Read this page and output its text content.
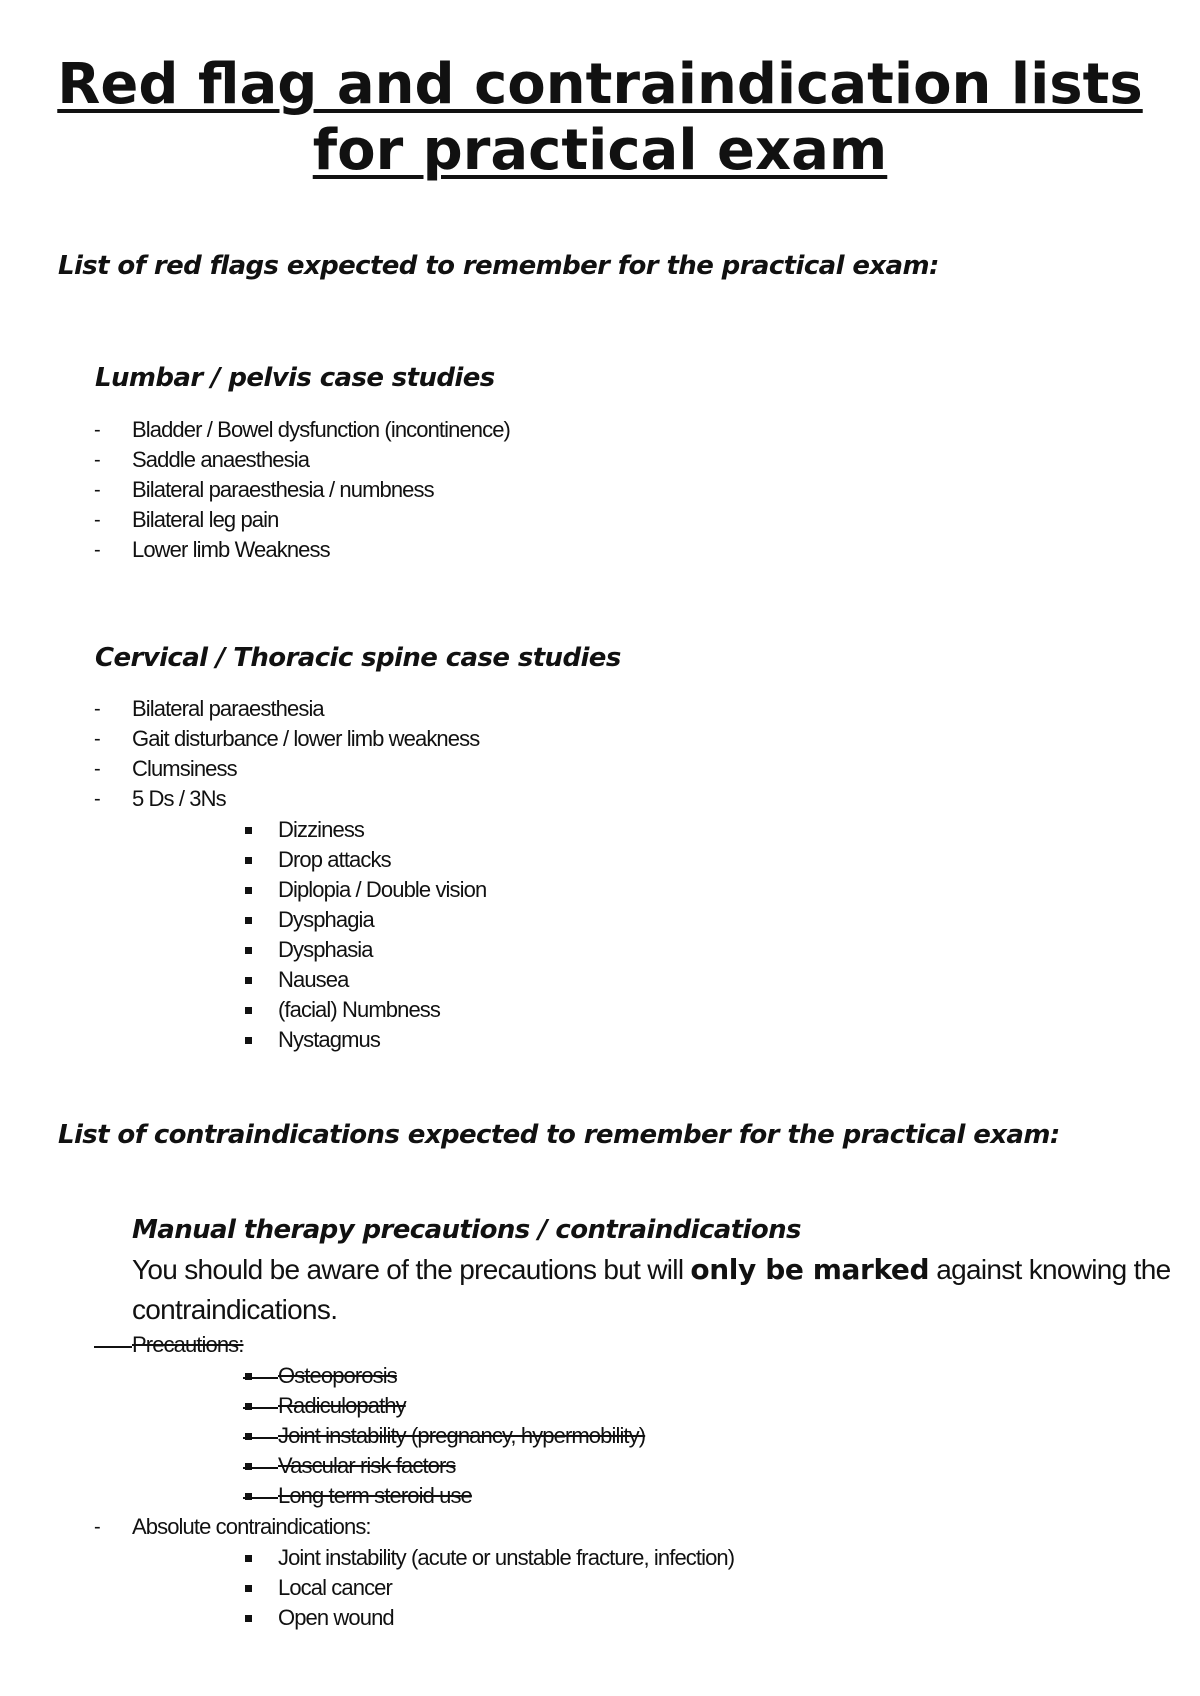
Red flag and contraindication lists
for practical exam
List of red flags expected to remember for the practical exam:
Lumbar / pelvis case studies
- Bladder / Bowel dysfunction (incontinence)
- Saddle anaesthesia
- Bilateral paraesthesia / numbness
- Bilateral leg pain
- Lower limb Weakness
Cervical / Thoracic spine case studies
- Bilateral paraesthesia
- Gait disturbance / lower limb weakness
- Clumsiness
- 5 Ds / 3Ns
Dizziness
Drop attacks
Diplopia / Double vision
Dysphagia
Dysphasia
Nausea
(facial) Numbness
Nystagmus
List of contraindications expected to remember for the practical exam:
Manual therapy precautions / contraindications

You should be aware of the precautions but will only be marked against knowing the contraindications.

Precautions:
Osteoporosis
Radiculopathy
Joint instability (pregnancy, hypermobility)
Vascular risk factors
Long term steroid use
- Absolute contraindications:
Joint instability (acute or unstable fracture, infection)
Local cancer
Open wound
